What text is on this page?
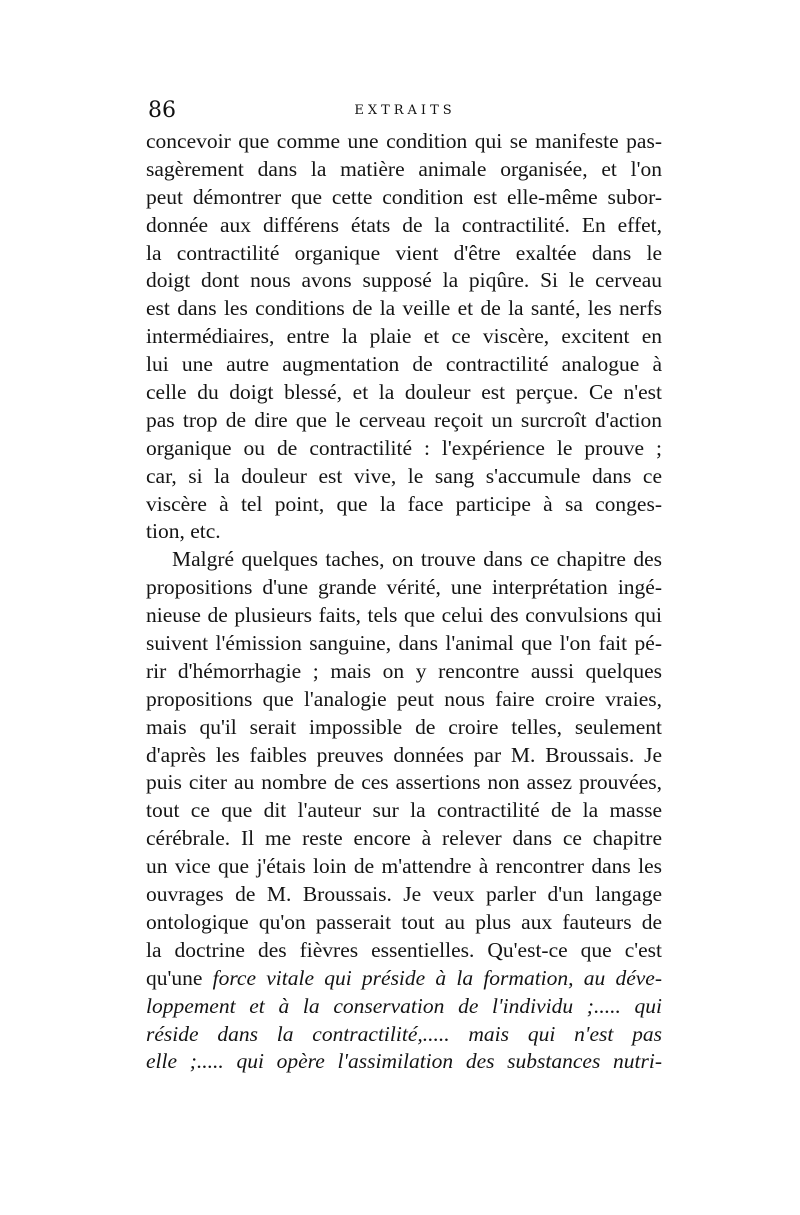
86	EXTRAITS
concevoir que comme une condition qui se manifeste pas-
sagèrement dans la matière animale organisée, et l'on
peut démontrer que cette condition est elle-même subor-
donnée aux différens états de la contractilité. En effet,
la contractilité organique vient d'être exaltée dans le
doigt dont nous avons supposé la piqûre. Si le cerveau
est dans les conditions de la veille et de la santé, les nerfs
intermédiaires, entre la plaie et ce viscère, excitent en
lui une autre augmentation de contractilité analogue à
celle du doigt blessé, et la douleur est perçue. Ce n'est
pas trop de dire que le cerveau reçoit un surcroît d'action
organique ou de contractilité : l'expérience le prouve ;
car, si la douleur est vive, le sang s'accumule dans ce
viscère à tel point, que la face participe à sa conges-
tion, etc.
Malgré quelques taches, on trouve dans ce chapitre des
propositions d'une grande vérité, une interprétation ingé-
nieuse de plusieurs faits, tels que celui des convulsions qui
suivent l'émission sanguine, dans l'animal que l'on fait pé-
rir d'hémorrhagie ; mais on y rencontre aussi quelques
propositions que l'analogie peut nous faire croire vraies,
mais qu'il serait impossible de croire telles, seulement
d'après les faibles preuves données par M. Broussais. Je
puis citer au nombre de ces assertions non assez prouvées,
tout ce que dit l'auteur sur la contractilité de la masse
cérébrale. Il me reste encore à relever dans ce chapitre
un vice que j'étais loin de m'attendre à rencontrer dans les
ouvrages de M. Broussais. Je veux parler d'un langage
ontologique qu'on passerait tout au plus aux fauteurs de
la doctrine des fièvres essentielles. Qu'est-ce que c'est
qu'une force vitale qui préside à la formation, au déve-
loppement et à la conservation de l'individu ;..... qui
réside dans la contractilité,..... mais qui n'est pas
elle ;..... qui opère l'assimilation des substances nutri-
